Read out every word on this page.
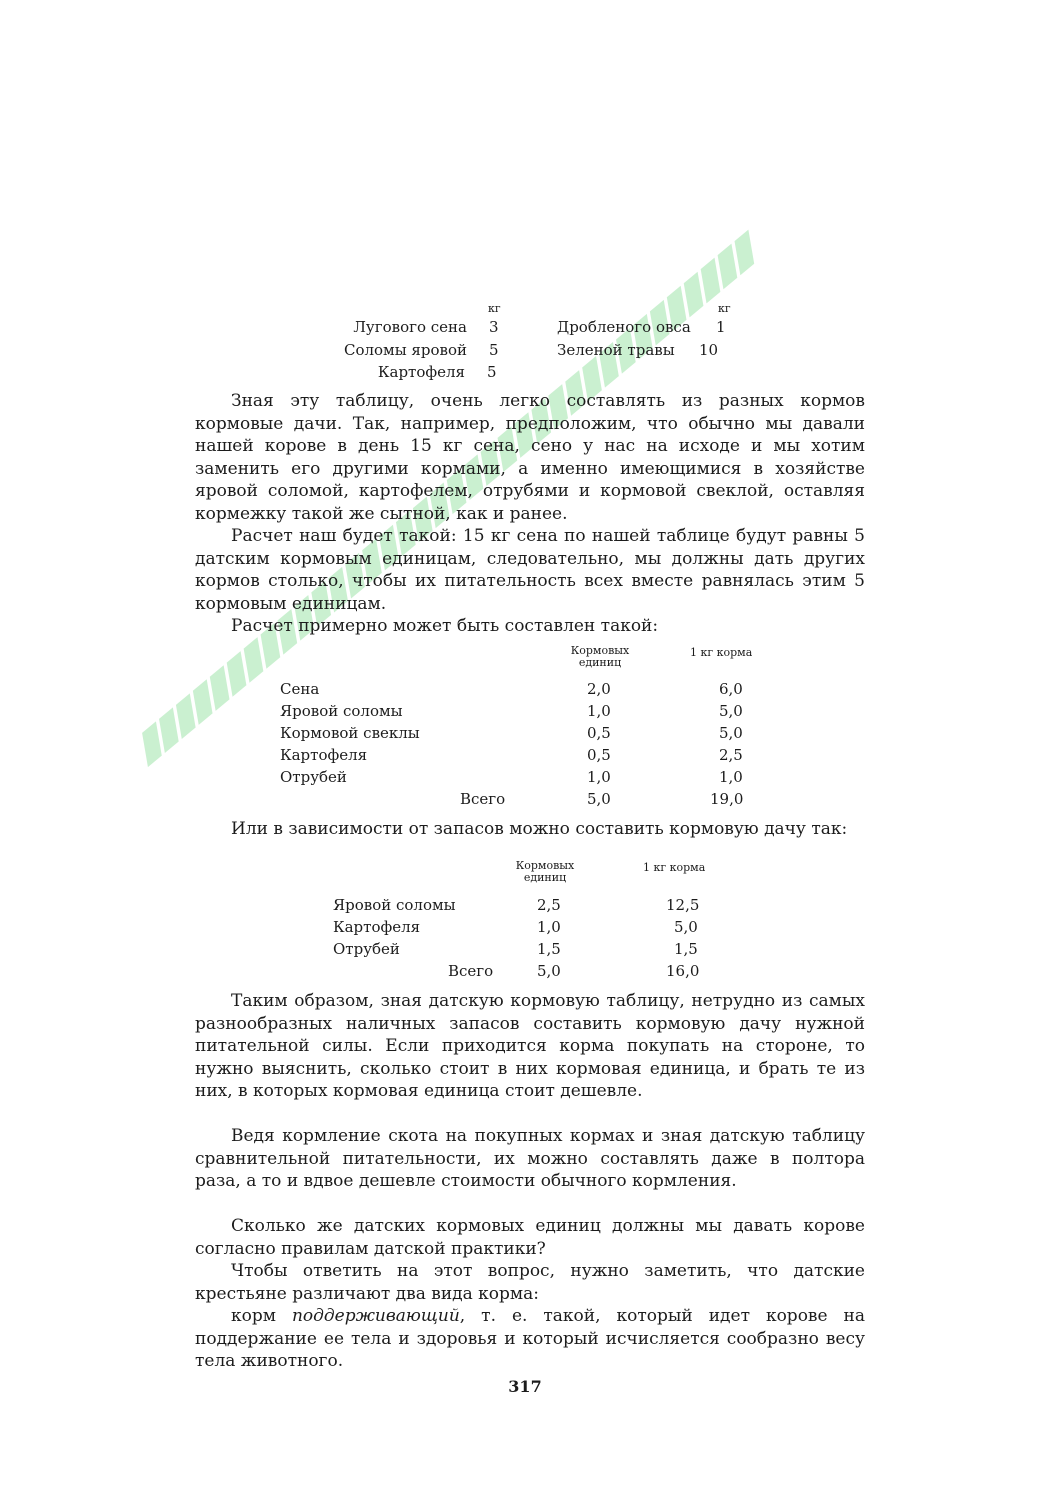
кг	кг
Лугового сена 3
Соломы яровой 5
Картофеля 5
Дробленого овса 1
Зеленой травы 10

Зная эту таблицу, очень легко составлять из разных кормов кормовые дачи. Так, например, предположим, что обычно мы давали нашей корове в день 15 кг сена, сено у нас на исходе и мы хотим заменить его другими кормами, а именно имеющимися в хозяйстве яровой соломой, картофелем, отрубями и кормовой свеклой, оставляя кормежку такой же сытной, как и ранее.

Расчет наш будет такой: 15 кг сена по нашей таблице будут равны 5 датским кормовым единицам, следовательно, мы должны дать других кормов столько, чтобы их питательность всех вместе равнялась этим 5 кормовым единицам.

Расчет примерно может быть составлен такой:

Кормовых единиц
1 кг корма
Сена	2,0	6,0
Яровой соломы	1,0	5,0
Кормовой свеклы	0,5	5,0
Картофеля	0,5	2,5
Отрубей	1,0	1,0
Всего	5,0	19,0

Или в зависимости от запасов можно составить кормовую дачу так:

Кормовых единиц
1 кг корма
Яровой соломы	2,5	12,5
Картофеля	1,0	5,0
Отрубей	1,5	1,5
Всего	5,0	16,0

Таким образом, зная датскую кормовую таблицу, нетрудно из самых разнообразных наличных запасов составить кормовую дачу нужной питательной силы. Если приходится корма покупать на стороне, то нужно выяснить, сколько стоит в них кормовая единица, и брать те из них, в которых кормовая единица стоит дешевле.

Ведя кормление скота на покупных кормах и зная датскую таблицу сравнительной питательности, их можно составлять даже в полтора раза, а то и вдвое дешевле стоимости обычного кормления.

Сколько же датских кормовых единиц должны мы давать корове согласно правилам датской практики?

Чтобы ответить на этот вопрос, нужно заметить, что датские крестьяне различают два вида корма:

корм поддерживающий, т. е. такой, который идет корове на поддержание ее тела и здоровья и который исчисляется сообразно весу тела животного.

317
